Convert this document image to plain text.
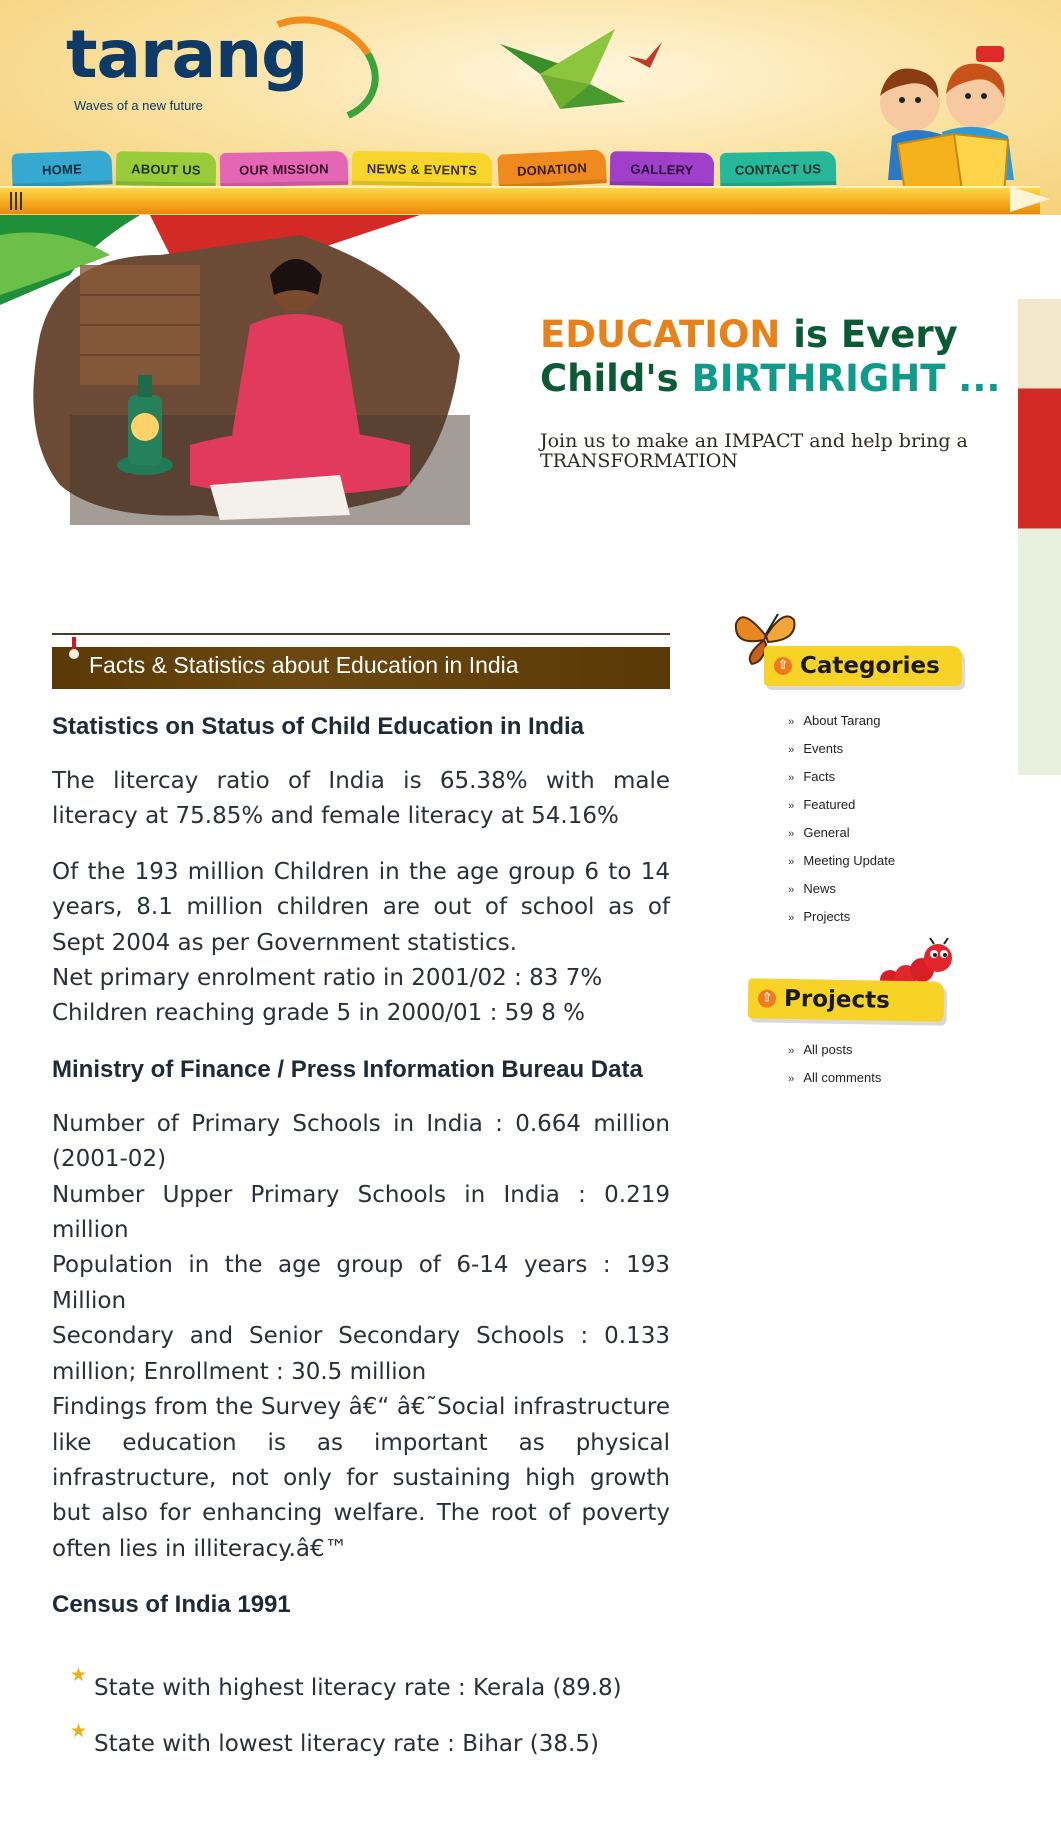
tarang
Waves of a new future
HOME	ABOUT US	OUR MISSION	NEWS & EVENTS	DONATION	GALLERY	CONTACT US
EDUCATION is Every
Child's BIRTHRIGHT ...
Join us to make an IMPACT and help bring a TRANSFORMATION
Facts & Statistics about Education in India
Statistics on Status of Child Education in India

The litercay ratio of India is 65.38% with male literacy at 75.85% and female literacy at 54.16%

Of the 193 million Children in the age group 6 to 14 years, 8.1 million children are out of school as of Sept 2004 as per Government statistics.

Net primary enrolment ratio in 2001/02 : 83 7%

Children reaching grade 5 in 2000/01 : 59 8 %

Ministry of Finance / Press Information Bureau Data

Number of Primary Schools in India : 0.664 million (2001-02)

Number Upper Primary Schools in India : 0.219 million

Population in the age group of 6-14 years : 193 Million

Secondary and Senior Secondary Schools : 0.133 million; Enrollment : 30.5 million

Findings from the Survey â€“ â€˜Social infrastructure like education is as important as physical infrastructure, not only for sustaining high growth but also for enhancing welfare. The root of poverty often lies in illiteracy.â€™

Census of India 1991
★ State with highest literacy rate : Kerala (89.8)
★ State with lowest literacy rate : Bihar (38.5)
⇧ Categories
›› About Tarang
›› Events
›› Facts
›› Featured
›› General
›› Meeting Update
›› News
›› Projects
⇧ Projects
›› All posts
›› All comments
